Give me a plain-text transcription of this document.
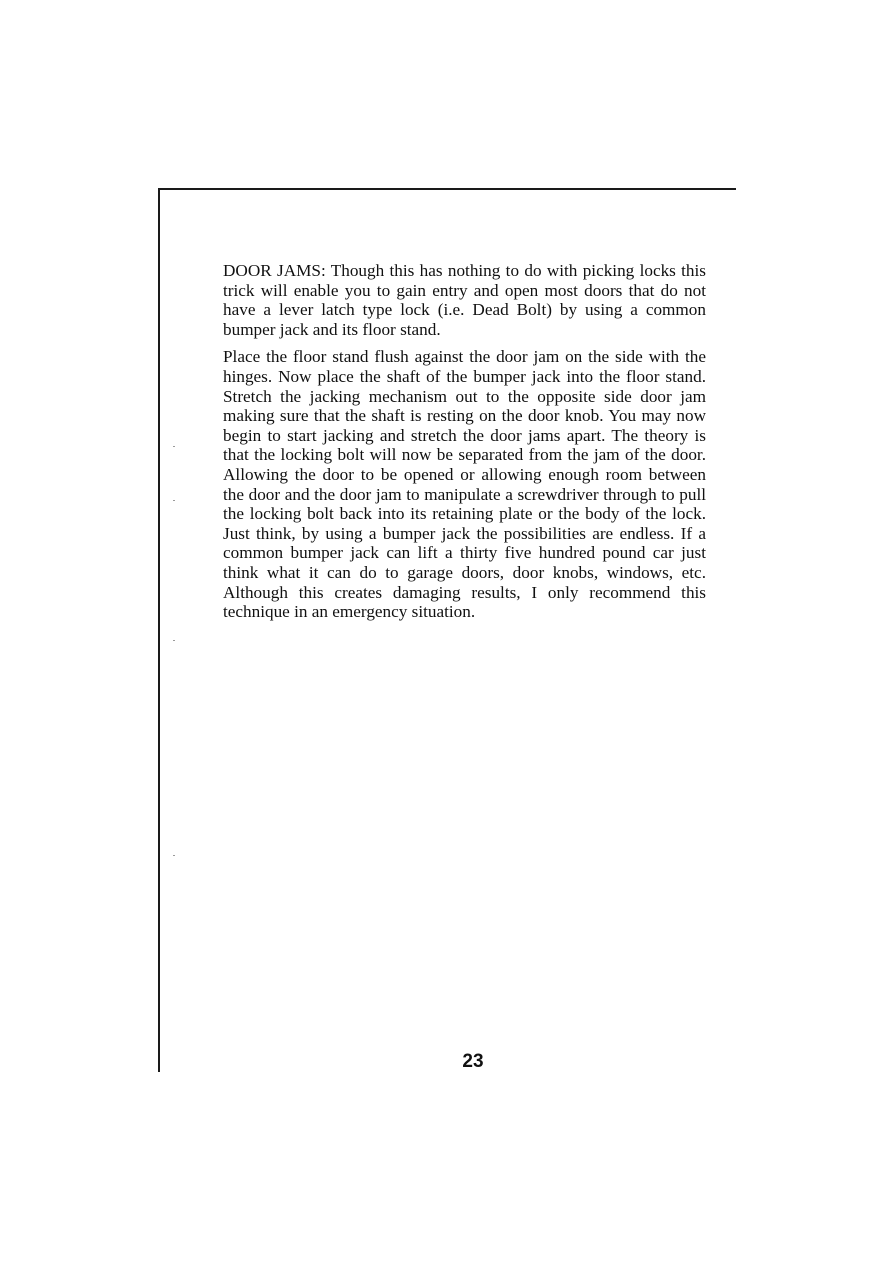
DOOR JAMS: Though this has nothing to do with picking locks this trick will enable you to gain entry and open most doors that do not have a lever latch type lock (i.e. Dead Bolt) by using a common bumper jack and its floor stand.

Place the floor stand flush against the door jam on the side with the hinges. Now place the shaft of the bumper jack into the floor stand. Stretch the jacking mechanism out to the opposite side door jam making sure that the shaft is resting on the door knob. You may now begin to start jacking and stretch the door jams apart. The theory is that the locking bolt will now be separated from the jam of the door. Allowing the door to be opened or allowing enough room between the door and the door jam to manipulate a screwdriver through to pull the locking bolt back into its retaining plate or the body of the lock. Just think, by using a bumper jack the possibilities are endless. If a common bumper jack can lift a thirty five hundred pound car just think what it can do to garage doors, door knobs, windows, etc. Although this creates damaging results, I only recommend this technique in an emergency situation.

23
